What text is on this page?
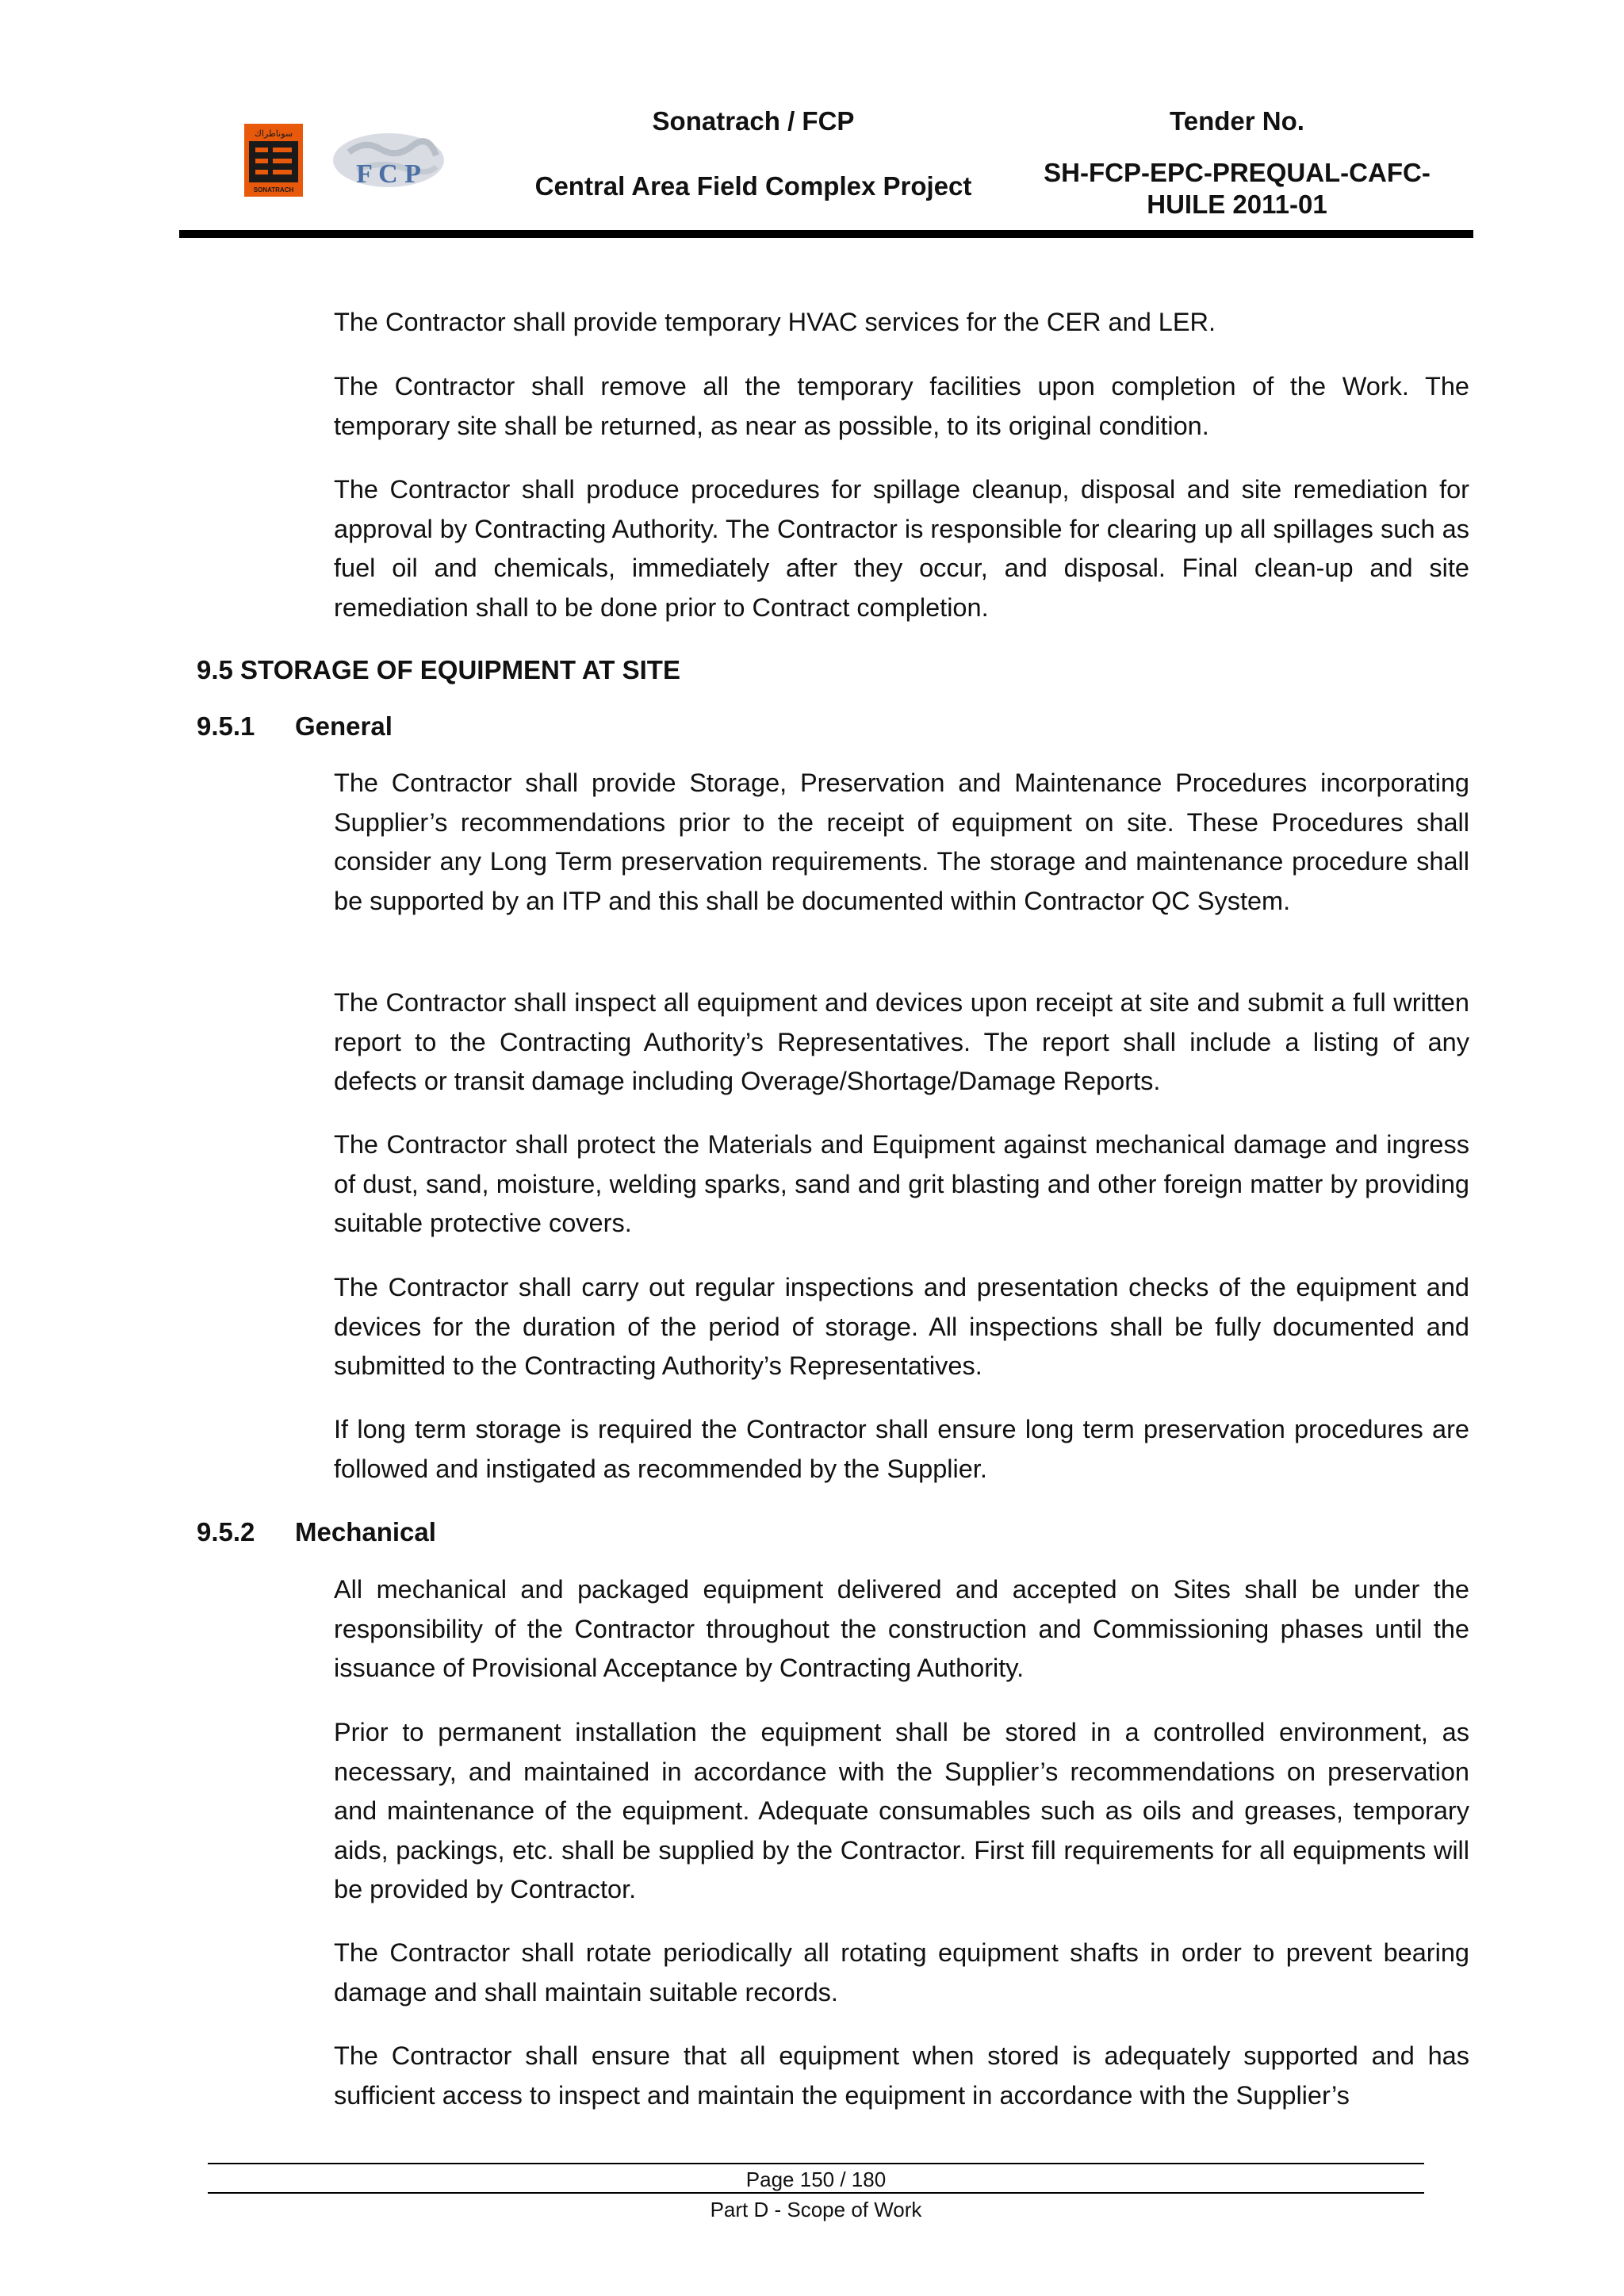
سوناطراك
SONATRACH
F C P
Sonatrach / FCP
Central Area Field Complex Project
Tender No.
SH-FCP-EPC-PREQUAL-CAFC-
HUILE 2011-01

The Contractor shall provide temporary HVAC services for the CER and LER.

The Contractor shall remove all the temporary facilities upon completion of the Work. The temporary site shall be returned, as near as possible, to its original condition.

The Contractor shall produce procedures for spillage cleanup, disposal and site remediation for approval by Contracting Authority. The Contractor is responsible for clearing up all spillages such as fuel oil and chemicals, immediately after they occur, and disposal. Final clean-up and site remediation shall to be done prior to Contract completion.

9.5 STORAGE OF EQUIPMENT AT SITE
9.5.1 General

The Contractor shall provide Storage, Preservation and Maintenance Procedures incorporating Supplier’s recommendations prior to the receipt of equipment on site. These Procedures shall consider any Long Term preservation requirements. The storage and maintenance procedure shall be supported by an ITP and this shall be documented within Contractor QC System.

The Contractor shall inspect all equipment and devices upon receipt at site and submit a full written report to the Contracting Authority’s Representatives. The report shall include a listing of any defects or transit damage including Overage/Shortage/Damage Reports.

The Contractor shall protect the Materials and Equipment against mechanical damage and ingress of dust, sand, moisture, welding sparks, sand and grit blasting and other foreign matter by providing suitable protective covers.

The Contractor shall carry out regular inspections and presentation checks of the equipment and devices for the duration of the period of storage. All inspections shall be fully documented and submitted to the Contracting Authority’s Representatives.

If long term storage is required the Contractor shall ensure long term preservation procedures are followed and instigated as recommended by the Supplier.

9.5.2 Mechanical

All mechanical and packaged equipment delivered and accepted on Sites shall be under the responsibility of the Contractor throughout the construction and Commissioning phases until the issuance of Provisional Acceptance by Contracting Authority.

Prior to permanent installation the equipment shall be stored in a controlled environment, as necessary, and maintained in accordance with the Supplier’s recommendations on preservation and maintenance of the equipment. Adequate consumables such as oils and greases, temporary aids, packings, etc. shall be supplied by the Contractor. First fill requirements for all equipments will be provided by Contractor.

The Contractor shall rotate periodically all rotating equipment shafts in order to prevent bearing damage and shall maintain suitable records.

The Contractor shall ensure that all equipment when stored is adequately supported and has sufficient access to inspect and maintain the equipment in accordance with the Supplier’s

Page 150 / 180
Part D - Scope of Work
